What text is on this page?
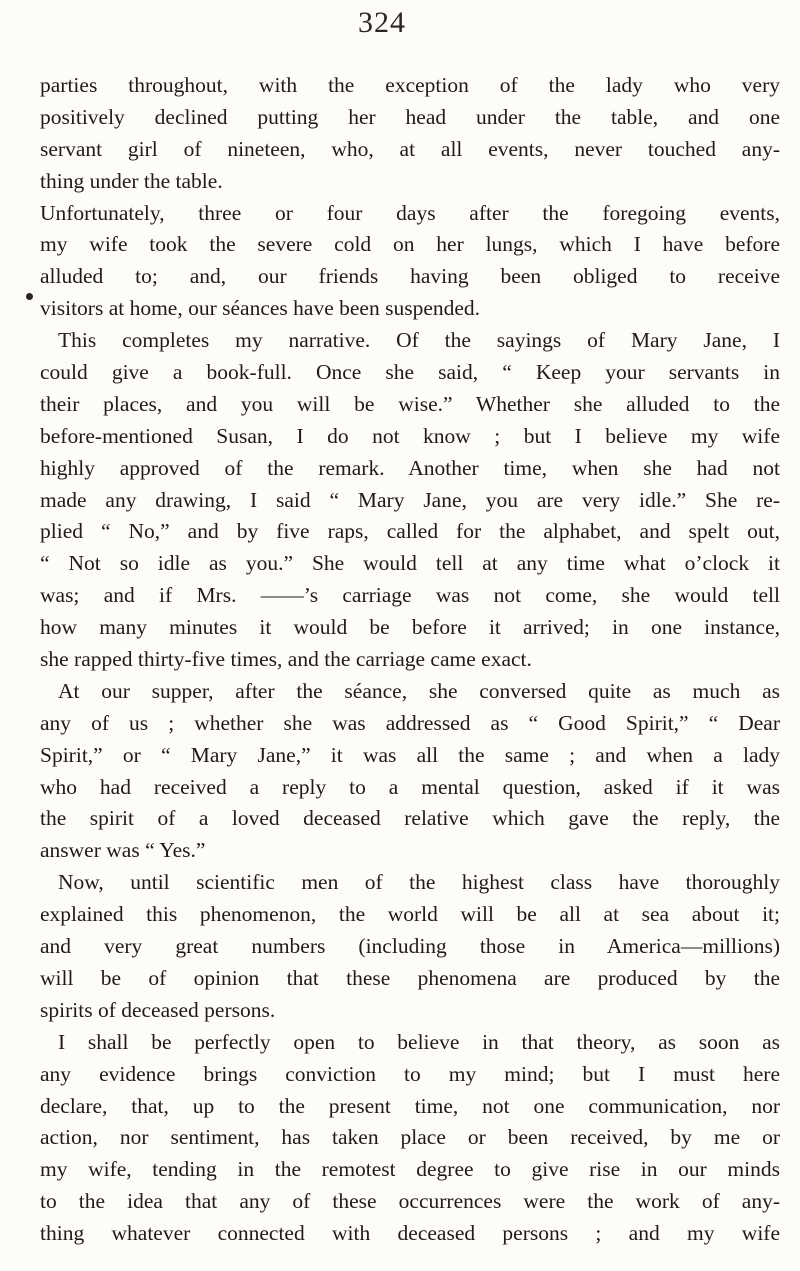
324
parties throughout, with the exception of the lady who very
positively declined putting her head under the table, and one
servant girl of nineteen, who, at all events, never touched any-
thing under the table.
Unfortunately, three or four days after the foregoing events,
my wife took the severe cold on her lungs, which I have before
alluded to; and, our friends having been obliged to receive
visitors at home, our séances have been suspended.
This completes my narrative. Of the sayings of Mary Jane, I
could give a book-full. Once she said, “ Keep your servants in
their places, and you will be wise.” Whether she alluded to the
before-mentioned Susan, I do not know ; but I believe my wife
highly approved of the remark. Another time, when she had not
made any drawing, I said “ Mary Jane, you are very idle.” She re-
plied “ No,” and by five raps, called for the alphabet, and spelt out,
“ Not so idle as you.” She would tell at any time what o’clock it
was; and if Mrs. ——’s carriage was not come, she would tell
how many minutes it would be before it arrived; in one instance,
she rapped thirty-five times, and the carriage came exact.
At our supper, after the séance, she conversed quite as much as
any of us ; whether she was addressed as “ Good Spirit,” “ Dear
Spirit,” or “ Mary Jane,” it was all the same ; and when a lady
who had received a reply to a mental question, asked if it was
the spirit of a loved deceased relative which gave the reply, the
answer was “ Yes.”
Now, until scientific men of the highest class have thoroughly
explained this phenomenon, the world will be all at sea about it;
and very great numbers (including those in America—millions)
will be of opinion that these phenomena are produced by the
spirits of deceased persons.
I shall be perfectly open to believe in that theory, as soon as
any evidence brings conviction to my mind; but I must here
declare, that, up to the present time, not one communication, nor
action, nor sentiment, has taken place or been received, by me or
my wife, tending in the remotest degree to give rise in our minds
to the idea that any of these occurrences were the work of any-
thing whatever connected with deceased persons ; and my wife
